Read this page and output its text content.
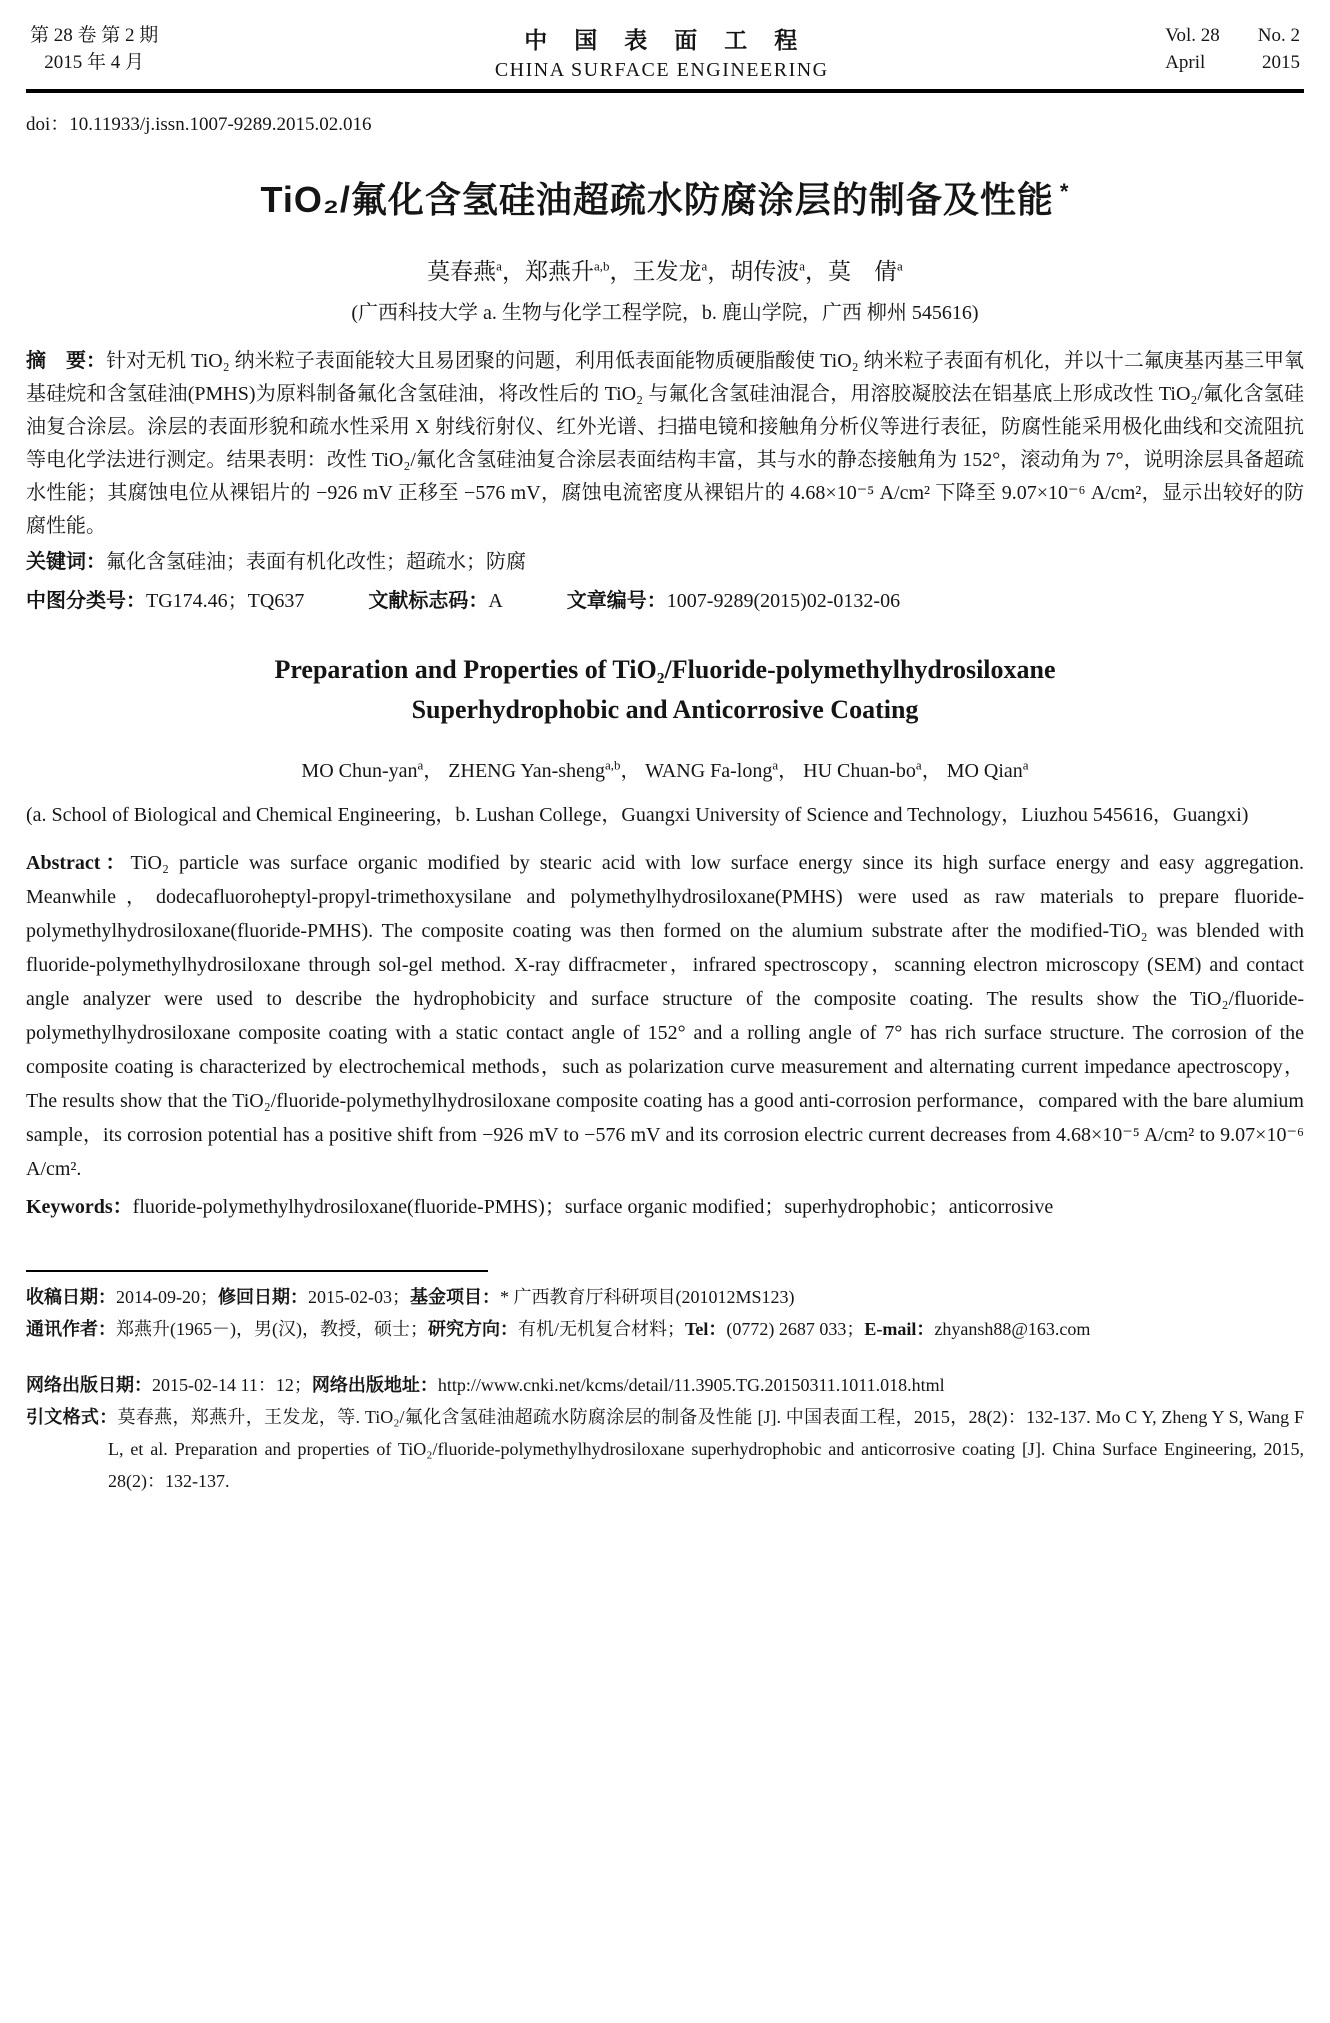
第 28 卷 第 2 期
2015 年 4 月
中　国　表　面　工　程
CHINA SURFACE ENGINEERING
Vol. 28 No. 2
April	2015
doi：10.11933/j.issn.1007-9289.2015.02.016
TiO₂/氟化含氢硅油超疏水防腐涂层的制备及性能 *
莫春燕$^a$，郑燕升$^{a,b}$，王发龙$^a$，胡传波$^a$，莫　倩$^a$
(广西科技大学 a. 生物与化学工程学院，b. 鹿山学院，广西 柳州 545616)

摘　要：针对无机 TiO₂ 纳米粒子表面能较大且易团聚的问题，利用低表面能物质硬脂酸使 TiO₂ 纳米粒子表面有机化，并以十二氟庚基丙基三甲氧基硅烷和含氢硅油(PMHS)为原料制备氟化含氢硅油，将改性后的 TiO₂ 与氟化含氢硅油混合，用溶胶凝胶法在铝基底上形成改性 TiO₂/氟化含氢硅油复合涂层。涂层的表面形貌和疏水性采用 X 射线衍射仪、红外光谱、扫描电镜和接触角分析仪等进行表征，防腐性能采用极化曲线和交流阻抗等电化学法进行测定。结果表明：改性 TiO₂/氟化含氢硅油复合涂层表面结构丰富，其与水的静态接触角为 152°，滚动角为 7°，说明涂层具备超疏水性能；其腐蚀电位从裸铝片的 −926 mV 正移至 −576 mV，腐蚀电流密度从裸铝片的 4.68×10⁻⁵ A/cm² 下降至 9.07×10⁻⁶ A/cm²，显示出较好的防腐性能。

关键词：氟化含氢硅油；表面有机化改性；超疏水；防腐

中图分类号：TG174.46；TQ637	文献标志码：A	文章编号：1007-9289(2015)02-0132-06

Preparation and Properties of TiO₂/Fluoride-polymethylhydrosiloxane
Superhydrophobic and Anticorrosive Coating
MO Chun-yan$^a$， ZHENG Yan-sheng$^{a,b}$， WANG Fa-long$^a$， HU Chuan-$bo^a$， MO Qian$^a$

(a. School of Biological and Chemical Engineering，b. Lushan College，Guangxi University of Science and Technology，Liuzhou 545616，Guangxi)

Abstract：TiO₂ particle was surface organic modified by stearic acid with low surface energy since its high surface energy and easy aggregation. Meanwhile，dodecafluoroheptyl-propyl-trimethoxysilane and polymethylhydrosiloxane(PMHS) were used as raw materials to prepare fluoride-polymethylhydrosiloxane(fluoride-PMHS). The composite coating was then formed on the alumium substrate after the modified-TiO₂ was blended with fluoride-polymethylhydrosiloxane through sol-gel method. X-ray diffracmeter，infrared spectroscopy，scanning electron microscopy (SEM) and contact angle analyzer were used to describe the hydrophobicity and surface structure of the composite coating. The results show the TiO₂/fluoride-polymethylhydrosiloxane composite coating with a static contact angle of 152° and a rolling angle of 7° has rich surface structure. The corrosion of the composite coating is characterized by electrochemical methods，such as polarization curve measurement and alternating current impedance apectroscopy，The results show that the TiO₂/fluoride-polymethylhydrosiloxane composite coating has a good anti-corrosion performance，compared with the bare alumium sample，its corrosion potential has a positive shift from −926 mV to −576 mV and its corrosion electric current decreases from 4.68×10⁻⁵ A/cm² to 9.07×10⁻⁶ A/cm².

Keywords：fluoride-polymethylhydrosiloxane(fluoride-PMHS)；surface organic modified；superhydrophobic；anticorrosive

收稿日期：2014-09-20；修回日期：2015-02-03；基金项目：* 广西教育厅科研项目(201012MS123)

通讯作者：郑燕升(1965－)，男(汉)，教授，硕士；研究方向：有机/无机复合材料；Tel：(0772) 2687 033；E-mail：zhyansh88@163.com

网络出版日期：2015-02-14 11：12；网络出版地址：http://www.cnki.net/kcms/detail/11.3905.TG.20150311.1011.018.html

引文格式：莫春燕，郑燕升，王发龙，等. TiO₂/氟化含氢硅油超疏水防腐涂层的制备及性能 [J]. 中国表面工程，2015，28(2)：132-137. Mo C Y, Zheng Y S, Wang F L, et al. Preparation and properties of TiO₂/fluoride-polymethylhydrosiloxane superhydrophobic and anticorrosive coating [J]. China Surface Engineering, 2015, 28(2)：132-137.
